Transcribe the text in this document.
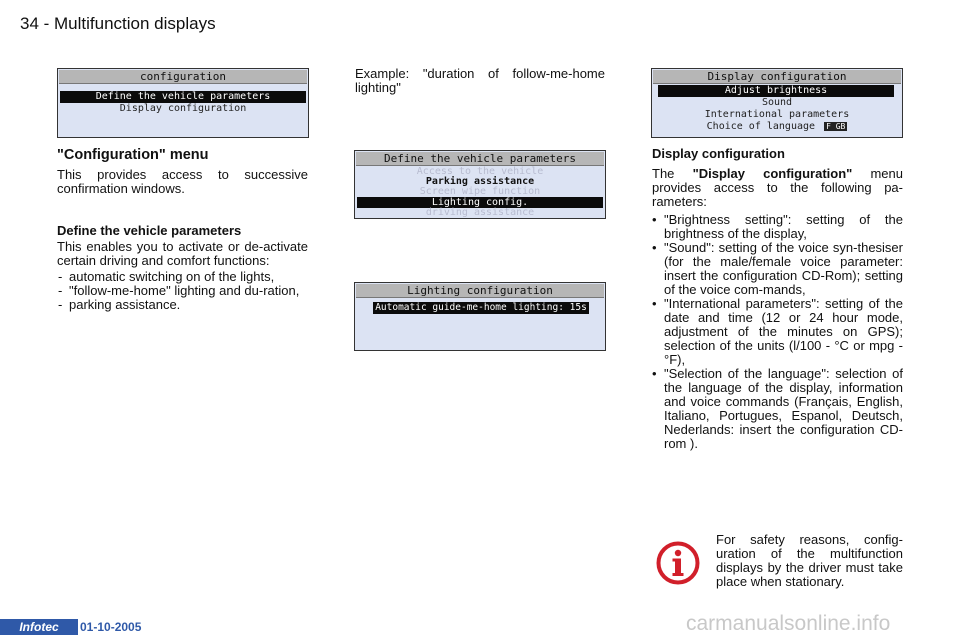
34 - Multifunction displays
configuration
Define the vehicle parameters
Display configuration
Define the vehicle parameters
Access to the vehicle
Parking assistance
Screen wipe function
Lighting config.
driving assistance
Lighting configuration
Automatic guide-me-home lighting: 15s
Display configuration
Adjust brightness
Sound
International parameters
Choice of language F GB
"Configuration" menu

This provides access to successive confirmation windows.

Define the vehicle parameters

This enables you to activate or de-activate certain driving and comfort functions:

- automatic switching on of the lights,
- "follow-me-home" lighting and du-ration,
- parking assistance.
Example: "duration of follow-me-home lighting"
Display configuration

The "Display configuration" menu provides access to the following pa-rameters:

• "Brightness setting": setting of the brightness of the display,
• "Sound": setting of the voice syn-thesiser (for the male/female voice parameter: insert the configuration CD-Rom); setting of the voice com-mands,
• "International parameters": setting of the date and time (12 or 24 hour mode, adjustment of the minutes on GPS); selection of the units (l/100 - °C or mpg - °F),
• "Selection of the language": selection of the language of the display, information and voice commands (Français, English, Italiano, Portugues, Espanol, Deutsch, Nederlands: insert the configuration CD-rom ).
For safety reasons, config-uration of the multifunction displays by the driver must take place when stationary.
Infotec	01-10-2005	carmanualsonline.info
